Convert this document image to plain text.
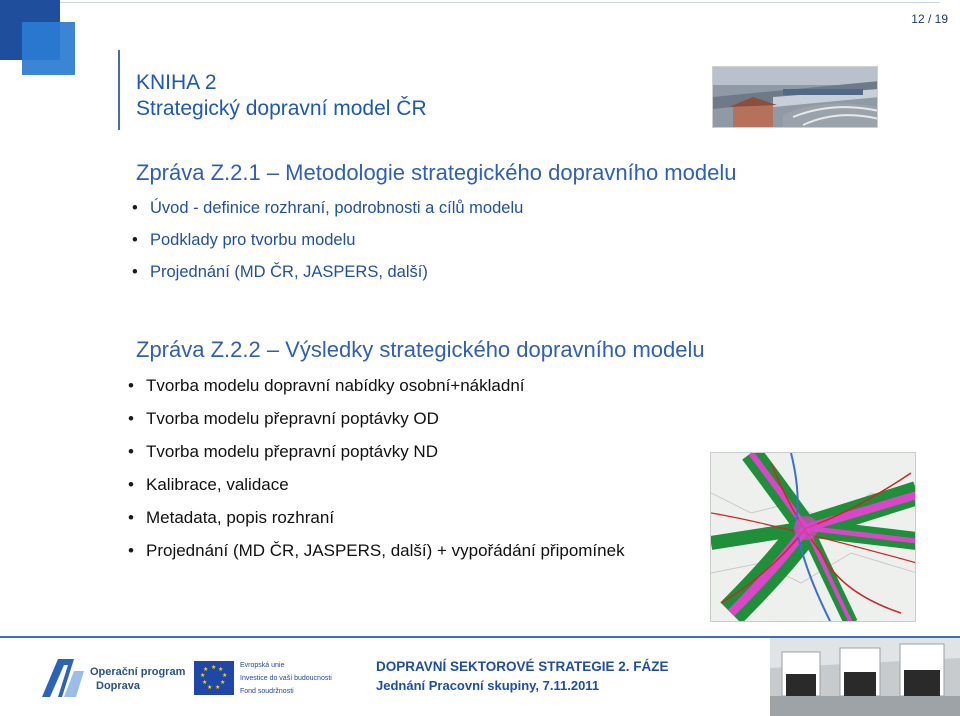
12 / 19
KNIHA 2
Strategický dopravní model ČR
Zpráva Z.2.1 – Metodologie strategického dopravního modelu
• Úvod - definice rozhraní, podrobnosti a cílů modelu
• Podklady pro tvorbu modelu
• Projednání (MD ČR, JASPERS, další)
Zpráva Z.2.2 – Výsledky strategického dopravního modelu
• Tvorba modelu dopravní nabídky osobní+nákladní
• Tvorba modelu přepravní poptávky OD
• Tvorba modelu přepravní poptávky ND
• Kalibrace, validace
• Metadata, popis rozhraní
• Projednání (MD ČR, JASPERS, další) + vypořádání připomínek
Operační program
Doprava
★ ★
★
★
★
★
★
★
★
Evropská unie
Investice do vaší budoucnosti
Fond soudržnosti
DOPRAVNÍ SEKTOROVÉ STRATEGIE 2. FÁZE
Jednání Pracovní skupiny, 7.11.2011
